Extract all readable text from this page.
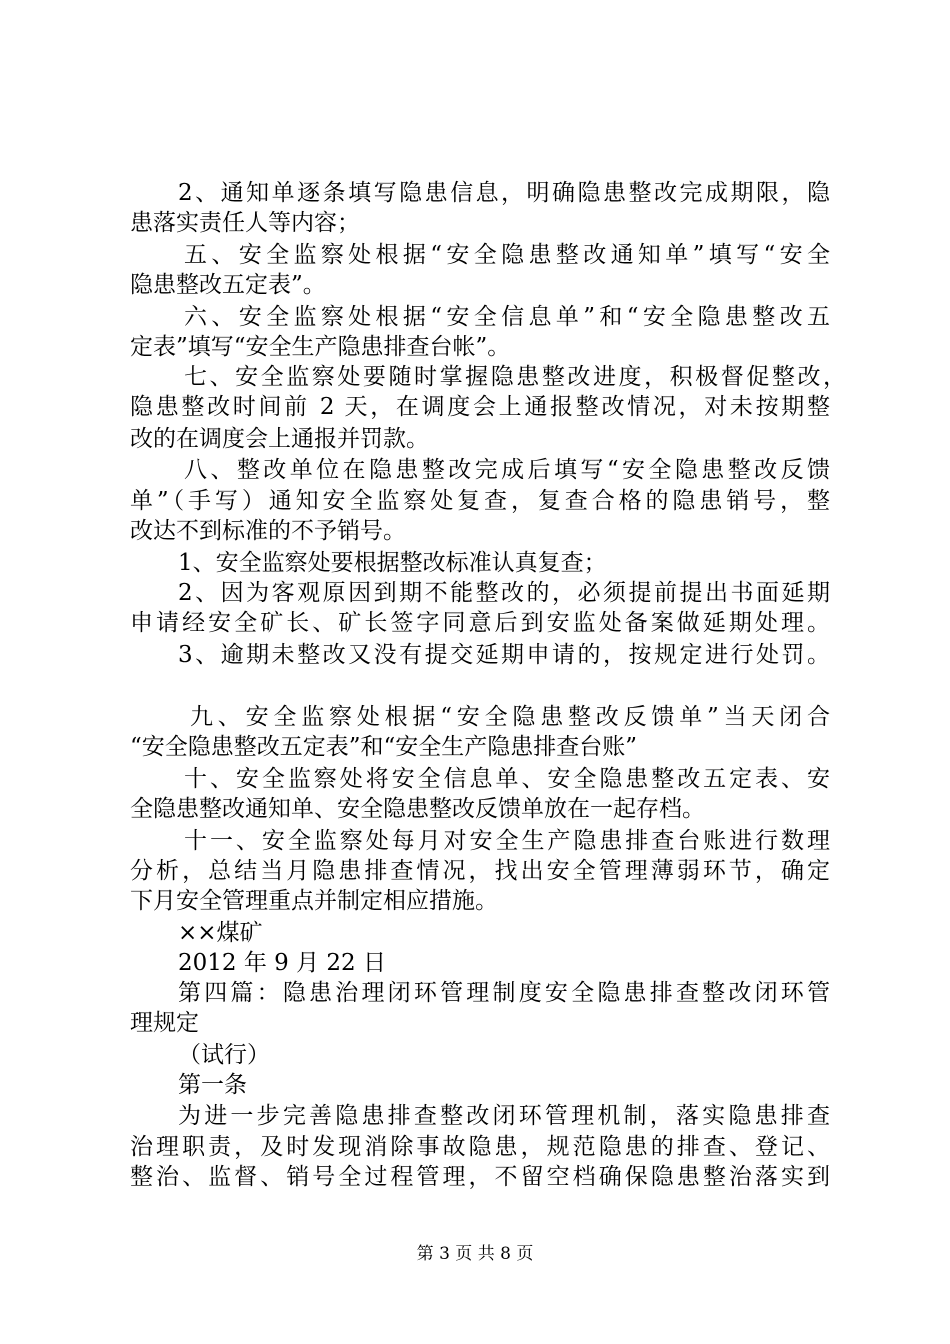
2、通知单逐条填写隐患信息，明确隐患整改完成期限，隐
患落实责任人等内容；
五、安全监察处根据“安全隐患整改通知单”填写“安全
隐患整改五定表”。
六、安全监察处根据“安全信息单”和“安全隐患整改五
定表”填写“安全生产隐患排查台帐”。
七、安全监察处要随时掌握隐患整改进度，积极督促整改，
隐患整改时间前 2 天，在调度会上通报整改情况，对未按期整
改的在调度会上通报并罚款。
八、整改单位在隐患整改完成后填写“安全隐患整改反馈
单”（手写）通知安全监察处复查，复查合格的隐患销号，整
改达不到标准的不予销号。
1、安全监察处要根据整改标准认真复查；
2、因为客观原因到期不能整改的，必须提前提出书面延期
申请经安全矿长、矿长签字同意后到安监处备案做延期处理。
3、逾期未整改又没有提交延期申请的，按规定进行处罚。
九、安全监察处根据“安全隐患整改反馈单”当天闭合
“安全隐患整改五定表”和“安全生产隐患排查台账”
十、安全监察处将安全信息单、安全隐患整改五定表、安
全隐患整改通知单、安全隐患整改反馈单放在一起存档。
十一、安全监察处每月对安全生产隐患排查台账进行数理
分析，总结当月隐患排查情况，找出安全管理薄弱环节，确定
下月安全管理重点并制定相应措施。
××煤矿
2012 年 9 月 22 日
第四篇：隐患治理闭环管理制度安全隐患排查整改闭环管
理规定
（试行）
第一条
为进一步完善隐患排查整改闭环管理机制，落实隐患排查
治理职责，及时发现消除事故隐患，规范隐患的排查、登记、
整治、监督、销号全过程管理，不留空档确保隐患整治落实到
第 3 页 共 8 页
